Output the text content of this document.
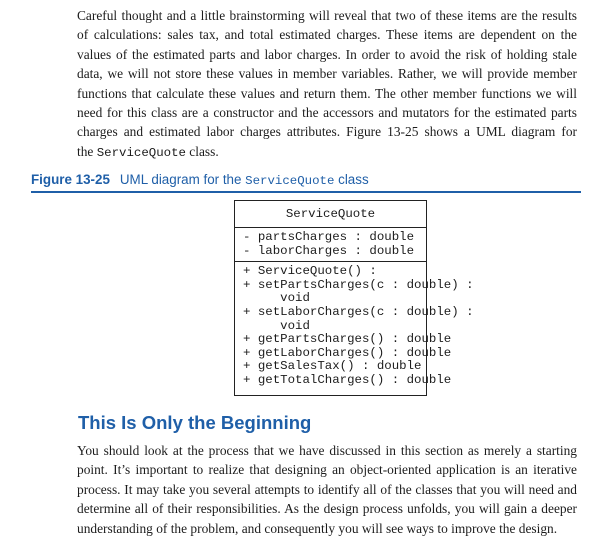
Careful thought and a little brainstorming will reveal that two of these items are the results
of calculations: sales tax, and total estimated charges. These items are dependent on the
values of the estimated parts and labor charges. In order to avoid the risk of holding stale
data, we will not store these values in member variables. Rather, we will provide member
functions that calculate these values and return them. The other member functions we will
need for this class are a constructor and the accessors and mutators for the estimated parts
charges and estimated labor charges attributes. Figure 13-25 shows a UML diagram for
the ServiceQuote class.
Figure 13-25 UML diagram for the ServiceQuote class
ServiceQuote
- partsCharges : double
- laborCharges : double
+ ServiceQuote() :
+ setPartsCharges(c : double) :
void
+ setLaborCharges(c : double) :
void
+ getPartsCharges() : double
+ getLaborCharges() : double
+ getSalesTax() : double
+ getTotalCharges() : double
This Is Only the Beginning
You should look at the process that we have discussed in this section as merely a starting
point. It’s important to realize that designing an object-oriented application is an iterative
process. It may take you several attempts to identify all of the classes that you will need and
determine all of their responsibilities. As the design process unfolds, you will gain a deeper
understanding of the problem, and consequently you will see ways to improve the design.
